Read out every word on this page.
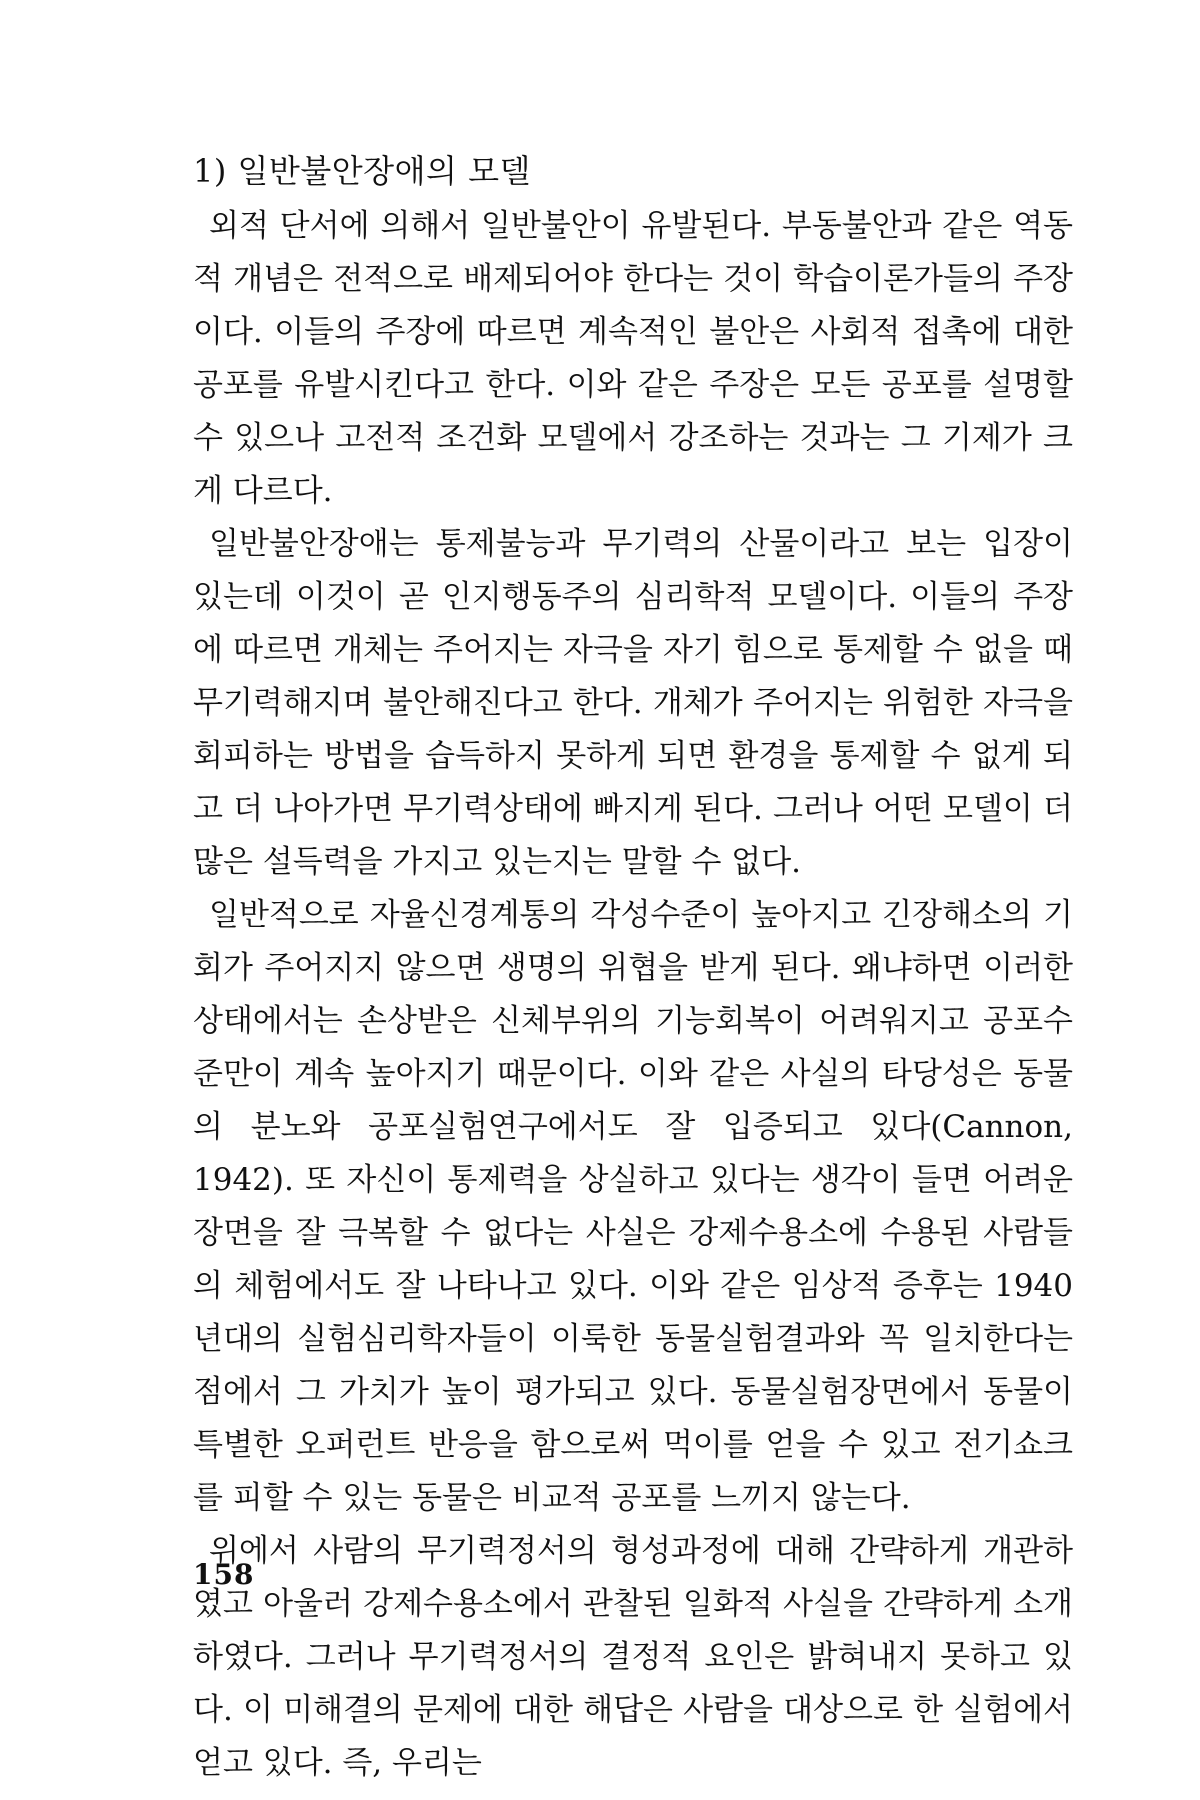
1) 일반불안장애의 모델

외적 단서에 의해서 일반불안이 유발된다. 부동불안과 같은 역동적 개념은 전적으로 배제되어야 한다는 것이 학습이론가들의 주장이다. 이들의 주장에 따르면 계속적인 불안은 사회적 접촉에 대한 공포를 유발시킨다고 한다. 이와 같은 주장은 모든 공포를 설명할 수 있으나 고전적 조건화 모델에서 강조하는 것과는 그 기제가 크게 다르다.

일반불안장애는 통제불능과 무기력의 산물이라고 보는 입장이 있는데 이것이 곧 인지행동주의 심리학적 모델이다. 이들의 주장에 따르면 개체는 주어지는 자극을 자기 힘으로 통제할 수 없을 때 무기력해지며 불안해진다고 한다. 개체가 주어지는 위험한 자극을 회피하는 방법을 습득하지 못하게 되면 환경을 통제할 수 없게 되고 더 나아가면 무기력상태에 빠지게 된다. 그러나 어떤 모델이 더 많은 설득력을 가지고 있는지는 말할 수 없다.

일반적으로 자율신경계통의 각성수준이 높아지고 긴장해소의 기회가 주어지지 않으면 생명의 위협을 받게 된다. 왜냐하면 이러한 상태에서는 손상받은 신체부위의 기능회복이 어려워지고 공포수준만이 계속 높아지기 때문이다. 이와 같은 사실의 타당성은 동물의 분노와 공포실험연구에서도 잘 입증되고 있다(Cannon, 1942). 또 자신이 통제력을 상실하고 있다는 생각이 들면 어려운 장면을 잘 극복할 수 없다는 사실은 강제수용소에 수용된 사람들의 체험에서도 잘 나타나고 있다. 이와 같은 임상적 증후는 1940년대의 실험심리학자들이 이룩한 동물실험결과와 꼭 일치한다는 점에서 그 가치가 높이 평가되고 있다. 동물실험장면에서 동물이 특별한 오퍼런트 반응을 함으로써 먹이를 얻을 수 있고 전기쇼크를 피할 수 있는 동물은 비교적 공포를 느끼지 않는다.

위에서 사람의 무기력정서의 형성과정에 대해 간략하게 개관하였고 아울러 강제수용소에서 관찰된 일화적 사실을 간략하게 소개하였다. 그러나 무기력정서의 결정적 요인은 밝혀내지 못하고 있다. 이 미해결의 문제에 대한 해답은 사람을 대상으로 한 실험에서 얻고 있다. 즉, 우리는

158
